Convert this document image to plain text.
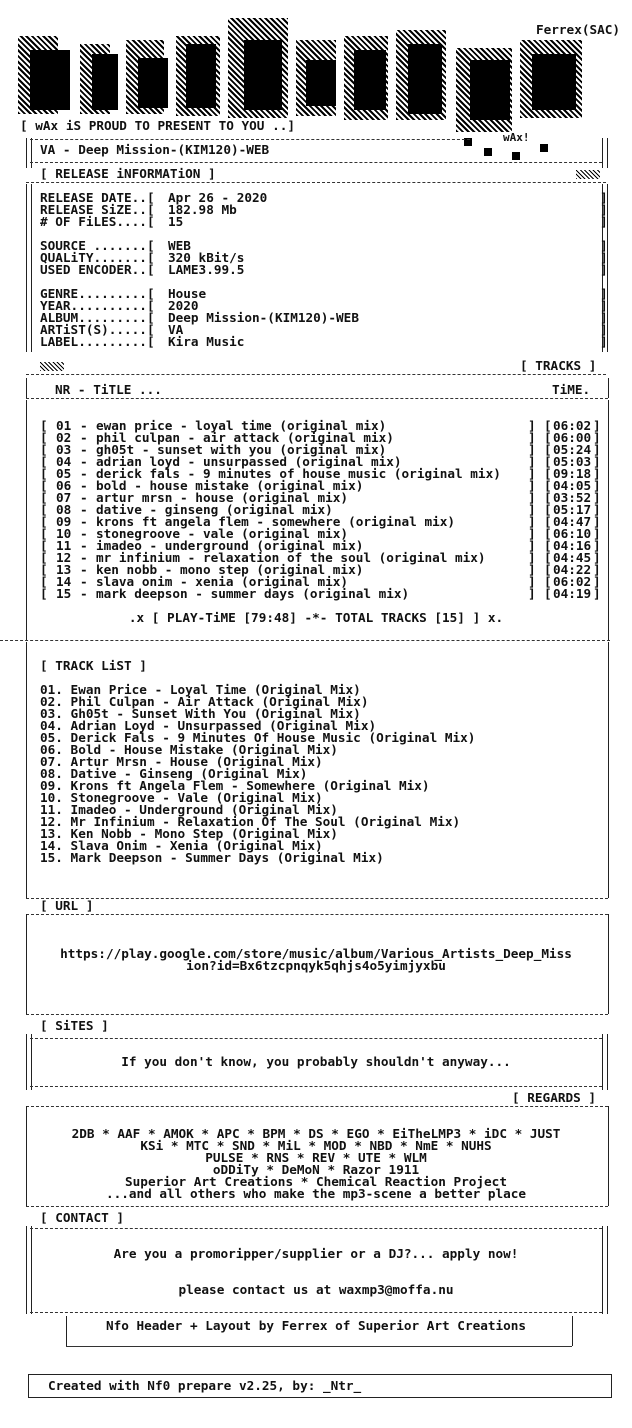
Ferrex(SAC)
wAx!
[ wAx iS PROUD TO PRESENT TO YOU ..]
VA - Deep Mission-(KIM120)-WEB
[ RELEASE iNFORMATiON ]
RELEASE DATE..[ Apr 26 - 2020	]
RELEASE SiZE..[ 182.98 Mb	]
# OF FiLES....[ 15	]
SOURCE .......[ WEB	]
QUALiTY.......[ 320 kBit/s	]
USED ENCODER..[ LAME3.99.5	]
GENRE.........[ House	]
YEAR..........[ 2020	]
ALBUM.........[ Deep Mission-(KIM120)-WEB	]
ARTiST(S).....[ VA	]
LABEL.........[ Kira Music	]
[ TRACKS ]
NR - TiTLE ...	TiME.
[ 01 - ewan price - loyal time (original mix)	] [ 06:02 ]
[ 02 - phil culpan - air attack (original mix)	] [ 06:00 ]
[ 03 - gh05t - sunset with you (original mix)	] [ 05:24 ]
[ 04 - adrian loyd - unsurpassed (original mix)	] [ 05:03 ]
[ 05 - derick fals - 9 minutes of house music (original mix) ] [ 09:18 ]
[ 06 - bold - house mistake (original mix)	] [ 04:05 ]
[ 07 - artur mrsn - house (original mix)	] [ 03:52 ]
[ 08 - dative - ginseng (original mix)	] [ 05:17 ]
[ 09 - krons ft angela flem - somewhere (original mix)	] [ 04:47 ]
[ 10 - stonegroove - vale (original mix)	] [ 06:10 ]
[ 11 - imadeo - underground (original mix)	] [ 04:16 ]
[ 12 - mr infinium - relaxation of the soul (original mix)	] [ 04:45 ]
[ 13 - ken nobb - mono step (original mix)	] [ 04:22 ]
[ 14 - slava onim - xenia (original mix)	] [ 06:02 ]
[ 15 - mark deepson - summer days (original mix)	] [ 04:19 ]
.x [ PLAY-TiME [79:48] -*- TOTAL TRACKS [15] ] x.
[ TRACK LiST ]
01. Ewan Price - Loyal Time (Original Mix)
02. Phil Culpan - Air Attack (Original Mix)
03. Gh05t - Sunset With You (Original Mix)
04. Adrian Loyd - Unsurpassed (Original Mix)
05. Derick Fals - 9 Minutes Of House Music (Original Mix)
06. Bold - House Mistake (Original Mix)
07. Artur Mrsn - House (Original Mix)
08. Dative - Ginseng (Original Mix)
09. Krons ft Angela Flem - Somewhere (Original Mix)
10. Stonegroove - Vale (Original Mix)
11. Imadeo - Underground (Original Mix)
12. Mr Infinium - Relaxation Of The Soul (Original Mix)
13. Ken Nobb - Mono Step (Original Mix)
14. Slava Onim - Xenia (Original Mix)
15. Mark Deepson - Summer Days (Original Mix)
[ URL ]
https://play.google.com/store/music/album/Various_Artists_Deep_Miss
ion?id=Bx6tzcpnqyk5qhjs4o5yimjyxbu
[ SiTES ]
If you don't know, you probably shouldn't anyway...
[ REGARDS ]
2DB * AAF * AMOK * APC * BPM * DS * EGO * EiTheLMP3 * iDC * JUST
KSi * MTC * SND * MiL * MOD * NBD * NmE * NUHS
PULSE * RNS * REV * UTE * WLM
oDDiTy * DeMoN * Razor 1911
Superior Art Creations * Chemical Reaction Project
...and all others who make the mp3-scene a better place
[ CONTACT ]
Are you a promoripper/supplier or a DJ?... apply now!
please contact us at waxmp3@moffa.nu
Nfo Header + Layout by Ferrex of Superior Art Creations
Created with Nf0 prepare v2.25, by: _Ntr_
